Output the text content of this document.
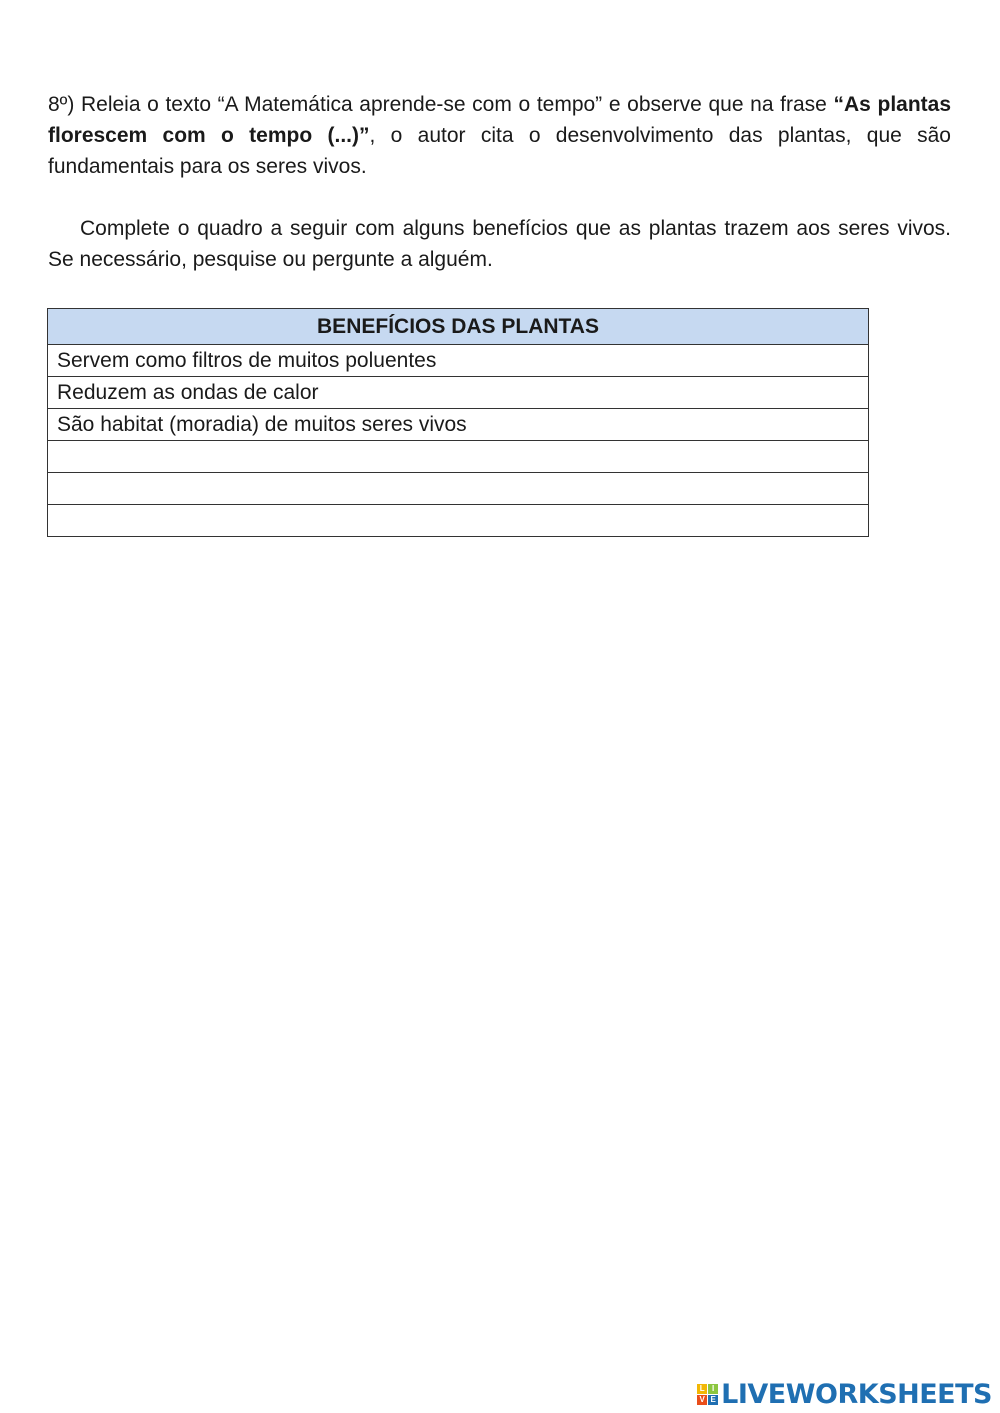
8º) Releia o texto “A Matemática aprende-se com o tempo” e observe que na frase “As plantas florescem com o tempo (...)”, o autor cita o desenvolvimento das plantas, que são fundamentais para os seres vivos.

Complete o quadro a seguir com alguns benefícios que as plantas trazem aos seres vivos. Se necessário, pesquise ou pergunte a alguém.

BENEFÍCIOS DAS PLANTAS
Servem como filtros de muitos poluentes
Reduzem as ondas de calor
São habitat (moradia) de muitos seres vivos

L I
V E LIVEWORKSHEETS
